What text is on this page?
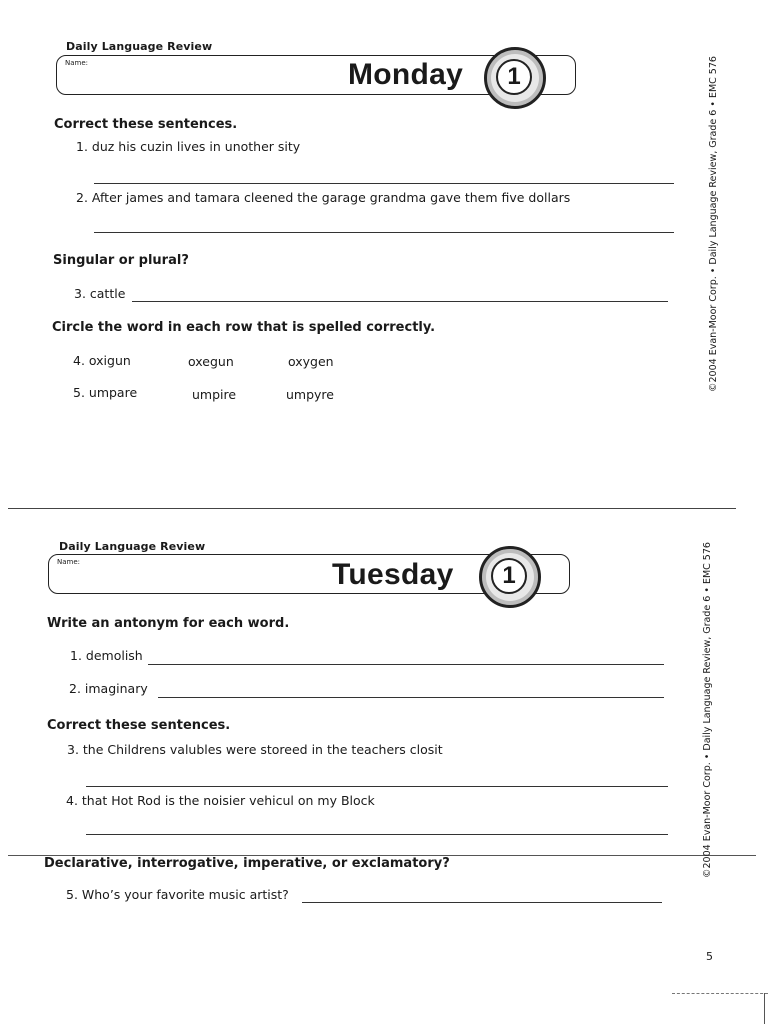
Daily Language Review
Name:	Monday	1
Correct these sentences.
1. duz his cuzin lives in unother sity
2. After james and tamara cleened the garage grandma gave them five dollars
Singular or plural?
3. cattle
Circle the word in each row that is spelled correctly.
4. oxigun	oxegun	oxygen
5. umpare	umpire	umpyre
©2004 Evan-Moor Corp. • Daily Language Review, Grade 6 • EMC 576
Daily Language Review
Name:	Tuesday	1
Write an antonym for each word.
1. demolish
2. imaginary
Correct these sentences.
3. the Childrens valubles were storeed in the teachers closit
4. that Hot Rod is the noisier vehicul on my Block
Declarative, interrogative, imperative, or exclamatory?
5. Who’s your favorite music artist?
©2004 Evan-Moor Corp. • Daily Language Review, Grade 6 • EMC 576
5
